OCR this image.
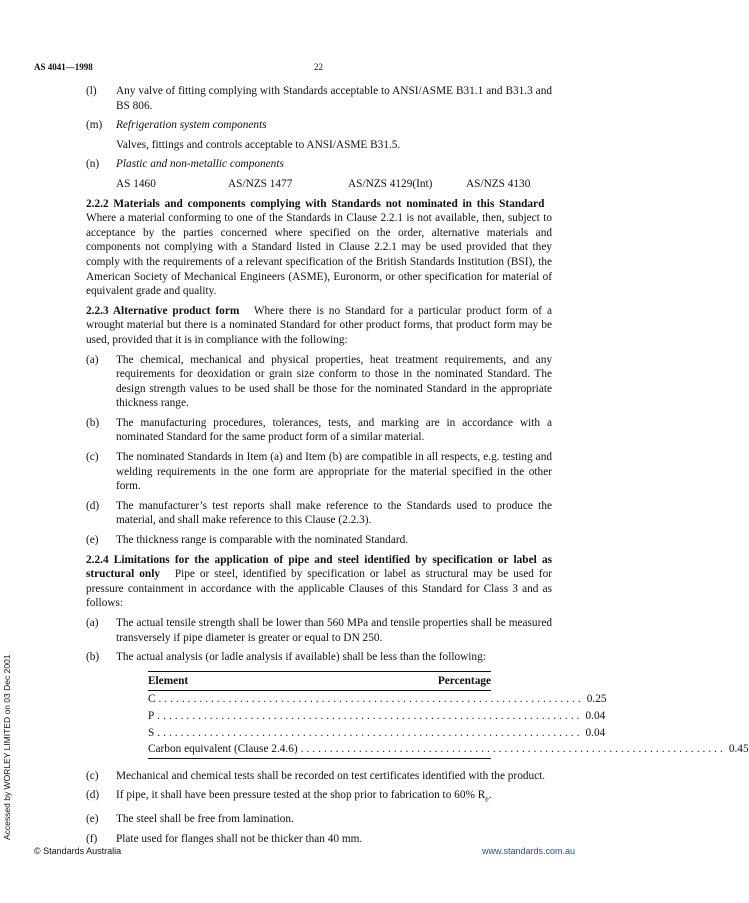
AS 4041—1998	22
(l)	Any valve of fitting complying with Standards acceptable to ANSI/ASME B31.1 and B31.3 and BS 806.
(m)	Refrigeration system components
Valves, fittings and controls acceptable to ANSI/ASME B31.5.
(n)	Plastic and non-metallic components
AS 1460	AS/NZS 1477	AS/NZS 4129(Int)	AS/NZS 4130
2.2.2 Materials and components complying with Standards not nominated in this Standard   Where a material conforming to one of the Standards in Clause 2.2.1 is not available, then, subject to acceptance by the parties concerned where specified on the order, alternative materials and components not complying with a Standard listed in Clause 2.2.1 may be used provided that they comply with the requirements of a relevant specification of the British Standards Institution (BSI), the American Society of Mechanical Engineers (ASME), Euronorm, or other specification for material of equivalent grade and quality.
2.2.3 Alternative product form Where there is no Standard for a particular product form of a wrought material but there is a nominated Standard for other product forms, that product form may be used, provided that it is in compliance with the following:
(a)	The chemical, mechanical and physical properties, heat treatment requirements, and any requirements for deoxidation or grain size conform to those in the nominated Standard. The design strength values to be used shall be those for the nominated Standard in the appropriate thickness range.
(b)	The manufacturing procedures, tolerances, tests, and marking are in accordance with a nominated Standard for the same product form of a similar material.
(c)	The nominated Standards in Item (a) and Item (b) are compatible in all respects, e.g. testing and welding requirements in the one form are appropriate for the material specified in the other form.
(d)	The manufacturer’s test reports shall make reference to the Standards used to produce the material, and shall make reference to this Clause (2.2.3).
(e)	The thickness range is comparable with the nominated Standard.
2.2.4 Limitations for the application of pipe and steel identified by specification or label as structural only Pipe or steel, identified by specification or label as structural may be used for pressure containment in accordance with the applicable Clauses of this Standard for Class 3 and as follows:
(a)	The actual tensile strength shall be lower than 560 MPa and tensile properties shall be measured transversely if pipe diameter is greater or equal to DN 250.
(b)	The actual analysis (or ladle analysis if available) shall be less than the following:
Element	Percentage
C ......................................................................... 0.25
P ......................................................................... 0.04
S ......................................................................... 0.04
Carbon equivalent (Clause 2.4.6) ......................................................................... 0.45
(c)	Mechanical and chemical tests shall be recorded on test certificates identified with the product.
(d)	If pipe, it shall have been pressure tested at the shop prior to fabrication to 60% $R_e$.
(e)	The steel shall be free from lamination.
(f)	Plate used for flanges shall not be thicker than 40 mm.
Accessed by WORLEY LIMITED on 03 Dec 2001
© Standards Australia	www.standards.com.au
